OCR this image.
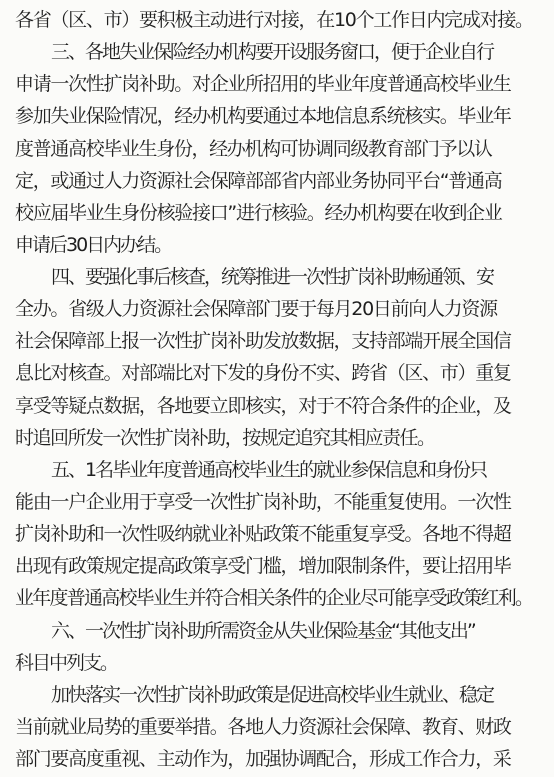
各省（区、市）要积极主动进行对接，在10个工作日内完成对接。
三、各地失业保险经办机构要开设服务窗口，便于企业自行
申请一次性扩岗补助。对企业所招用的毕业年度普通高校毕业生
参加失业保险情况，经办机构要通过本地信息系统核实。毕业年
度普通高校毕业生身份，经办机构可协调同级教育部门予以认
定，或通过人力资源社会保障部部省内部业务协同平台“普通高
校应届毕业生身份核验接口”进行核验。经办机构要在收到企业
申请后30日内办结。
四、要强化事后核查，统筹推进一次性扩岗补助畅通领、安
全办。省级人力资源社会保障部门要于每月20日前向人力资源
社会保障部上报一次性扩岗补助发放数据，支持部端开展全国信
息比对核查。对部端比对下发的身份不实、跨省（区、市）重复
享受等疑点数据，各地要立即核实，对于不符合条件的企业，及
时追回所发一次性扩岗补助，按规定追究其相应责任。
五、1名毕业年度普通高校毕业生的就业参保信息和身份只
能由一户企业用于享受一次性扩岗补助，不能重复使用。一次性
扩岗补助和一次性吸纳就业补贴政策不能重复享受。各地不得超
出现有政策规定提高政策享受门槛，增加限制条件，要让招用毕
业年度普通高校毕业生并符合相关条件的企业尽可能享受政策红利。
六、一次性扩岗补助所需资金从失业保险基金“其他支出”
科目中列支。
加快落实一次性扩岗补助政策是促进高校毕业生就业、稳定
当前就业局势的重要举措。各地人力资源社会保障、教育、财政
部门要高度重视、主动作为，加强协调配合，形成工作合力，采
